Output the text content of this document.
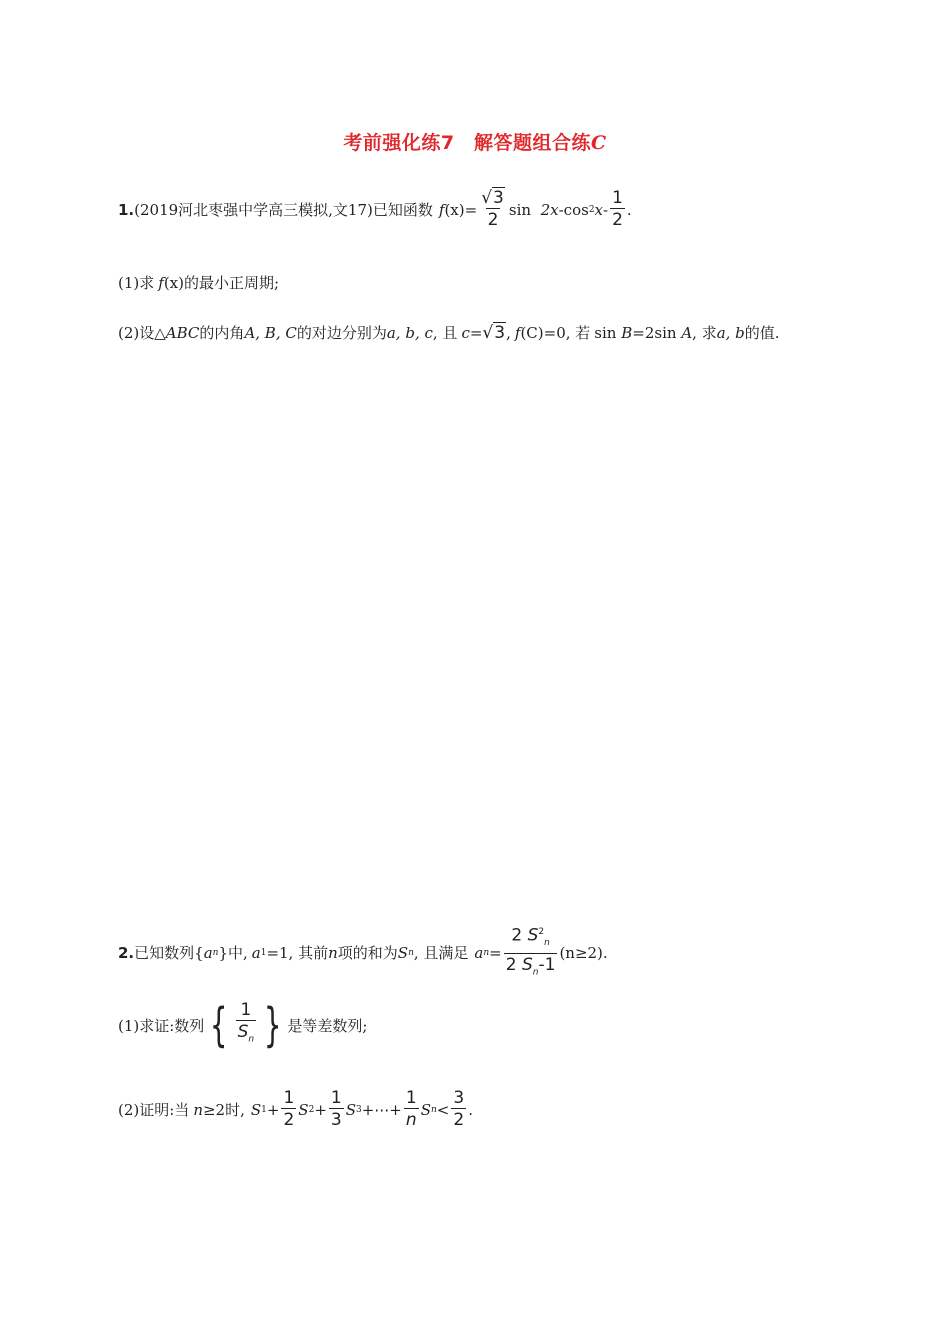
考前强化练7　解答题组合练C
1. (2019河北枣强中学高三模拟,文17)已知函数 f $(x) = \frac{√3}{2}$ sin
2x - cos 2 x - $\frac{1}{2}$ .
(1)求 f (x) 的最小正周期;
(2)设△ ABC 的内角 A, B, C 的对边分别为 a, b, c , 且 c = √3 , f (C) =0, 若 sin
B =2 sin
A , 求 a, b 的值.
2. 已知数列{ a n }中, a 1 =1, 其前 n 项的和为 S n , 且满足 a $n = \frac{2 S^2_n}{2 S_n-1} (n\ge 2)$.
(1)求证:数列 { $\frac{1}{S_n}$ } 是等差数列;
(2)证明:当 n ≥2时, S $1 + \frac{1}{2}$ S $2 + \frac{1}{3}$ S 3 +⋯+ $\frac{1}{n}$ S $n < \frac{3}{2}$ .
